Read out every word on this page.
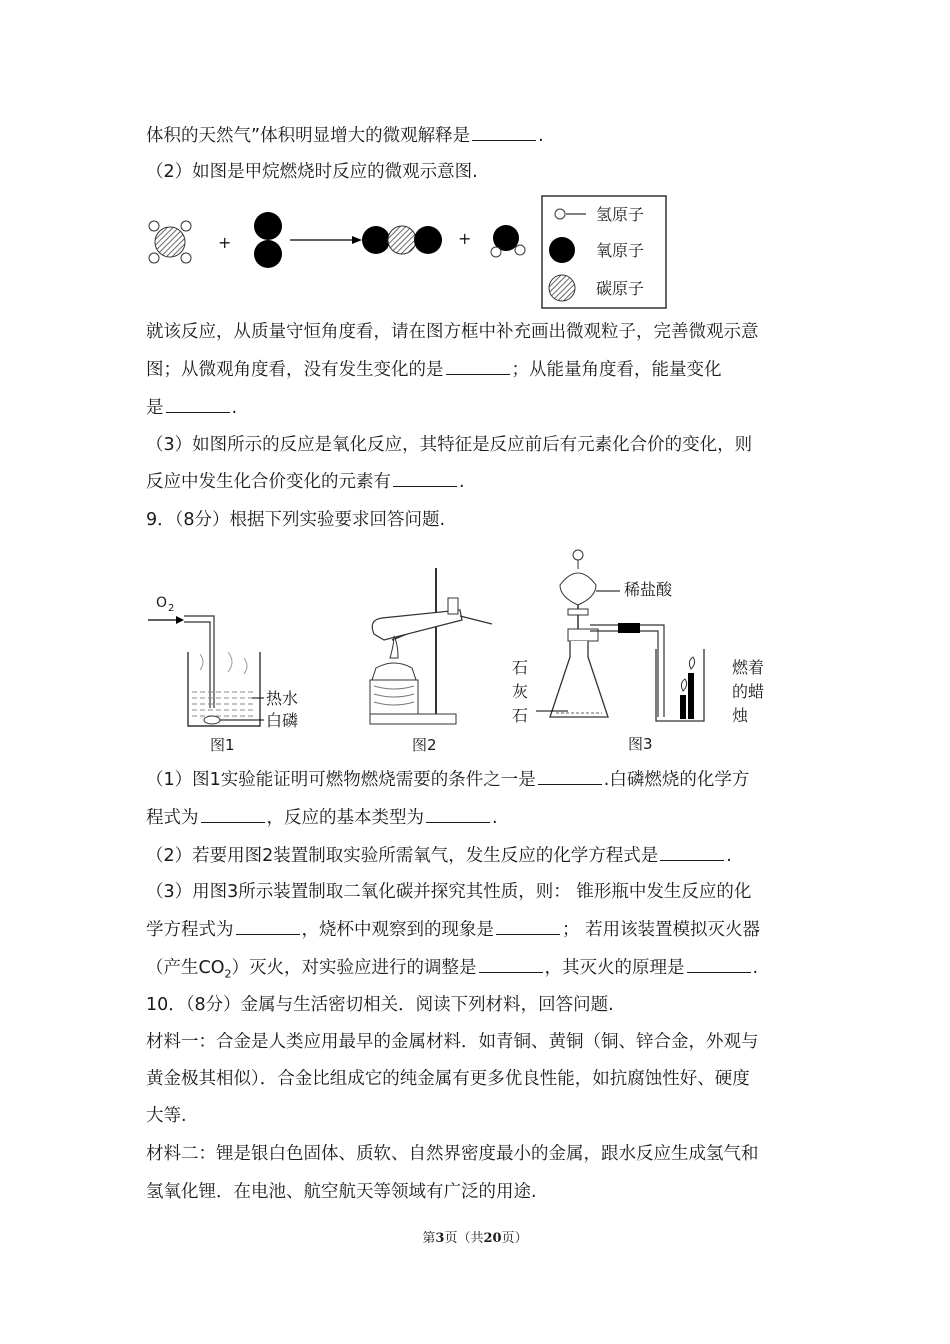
体积的天然气”体积明显增大的微观解释是	.
（2）如图是甲烷燃烧时反应的微观示意图.
+	+
氢原子
氧原子
碳原子
就该反应，从质量守恒角度看，请在图方框中补充画出微观粒子，完善微观示意
图；从微观角度看，没有发生变化的是	；从能量角度看，能量变化
是	.
（3）如图所示的反应是氧化反应，其特征是反应前后有元素化合价的变化，则
反应中发生化合价变化的元素有	.
9．（8分）根据下列实验要求回答问题.
O 2
热水
白磷
图1	图2
稀盐酸
石
灰
石
燃着
的蜡
烛
图3
（1）图1实验能证明可燃物燃烧需要的条件之一是	.白磷燃烧的化学方
程式为	，反应的基本类型为	.
（2）若要用图2装置制取实验所需氧气，发生反应的化学方程式是	.
（3）用图3所示装置制取二氧化碳并探究其性质，则： 锥形瓶中发生反应的化
学方程式为	，烧杯中观察到的现象是	； 若用该装置模拟灭火器
（产生$CO_2$）灭火，对实验应进行的调整是	，其灭火的原理是	.
10．（8分）金属与生活密切相关．阅读下列材料，回答问题.
材料一：合金是人类应用最早的金属材料．如青铜、黄铜（铜、锌合金，外观与
黄金极其相似）．合金比组成它的纯金属有更多优良性能，如抗腐蚀性好、硬度
大等.
材料二：锂是银白色固体、质软、自然界密度最小的金属，跟水反应生成氢气和
氢氧化锂．在电池、航空航天等领域有广泛的用途.
第3页（共20页）
